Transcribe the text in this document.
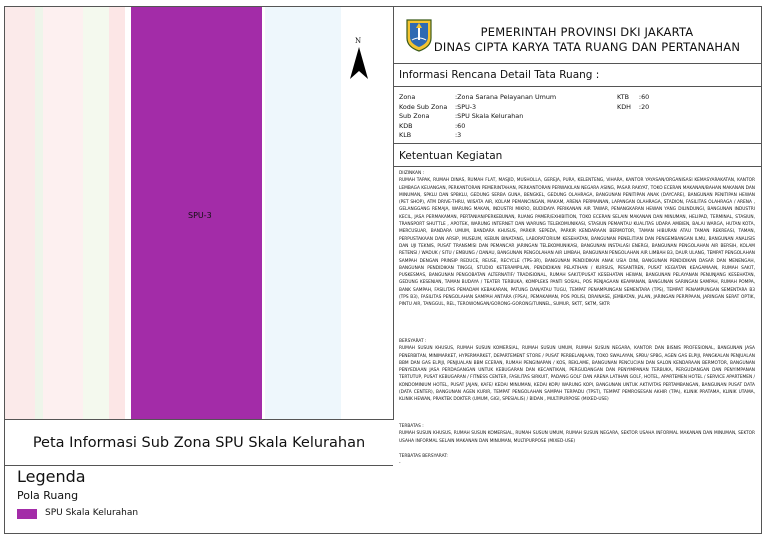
N
SPU-3
Peta Informasi Sub Zona SPU Skala Kelurahan
Legenda
Pola Ruang
SPU Skala Kelurahan
PEMERINTAH PROVINSI DKI JAKARTA
DINAS CIPTA KARYA TATA RUANG DAN PERTANAHAN
Informasi Rencana Detail Tata Ruang :
Zona	:Zona Sarana Pelayanan Umum
Kode Sub Zona	:SPU-3
Sub Zona	:SPU Skala Kelurahan
KDB	:60
KLB	:3
KTB	:60
KDH	:20
Ketentuan Kegiatan
DIIZINKAN :
RUMAH TAPAK, RUMAH DINAS, RUMAH FLAT, MASJID, MUSHOLLA, GEREJA, PURA, KELENTENG, VIHARA, KANTOR YAYASAN/ORGANISASI KEMASYARAKATAN, KANTOR LEMBAGA KEUANGAN, PERKANTORAN PEMERINTAHAN, PERKANTORAN PERWAKILAN NEGARA ASING, PASAR RAKYAT, TOKO ECERAN MAKANAN/BAHAN MAKANAN DAN MINUMAN, SPKLU DAN SPBKLU, GEDUNG SERBA GUNA, BENGKEL, GEDUNG OLAHRAGA, BANGUNAN PENITIPAN ANAK (DAYCARE), BANGUNAN PENITIPAN HEWAN (PET SHOP), ATM DRIVE-THRU, WISATA AIR, KOLAM PEMANCINGAN, MAKAM, ARENA PERMAINAN, LAPANGAN OLAHRAGA, STADION, FASILITAS OLAHRAGA / ARENA , GELANGGANG REMAJA, WARUNG MAKAN, INDUSTRI MIKRO, BUDIDAYA PERIKANAN AIR TAWAR, PENANGKARAN HEWAN YANG DILINDUNGI, BANGUNAN INDUSTRI KECIL, JASA PERMAKAMAN, PERTANIAN/PERKEBUNAN, RUANG PAMER/EXHIBITION, TOKO ECERAN SELAIN MAKANAN DAN MINUMAN, HELIPAD, TERMINAL, STASIUN, TRANSPORT SHUTTLE , APOTEK, WARUNG INTERNET DAN WARUNG TELEKOMUNIKASI, STASIUN PEMANTAU KUALITAS UDARA AMBIEN, BALAI WARGA, HUTAN KOTA, MERCUSUAR, BANDARA UMUM, BANDARA KHUSUS, PARKIR SEPEDA, PARKIR KENDARAAN BERMOTOR, TAMAN HIBURAN ATAU TAMAN REKREASI, TAMAN, PERPUSTAKAAN DAN ARSIP, MUSEUM, KEBUN BINATANG, LABORATORIUM KESEHATAN, BANGUNAN PENELITIAN DAN PENGEMBANGAN ILMU, BANGUNAN ANALISIS DAN UJI TEKNIS, PUSAT TRANSMISI DAN PEMANCAR JARINGAN TELEKOMUNIKASI, BANGUNAN INSTALASI ENERGI, BANGUNAN PENGOLAHAN AIR BERSIH, KOLAM RETENSI / WADUK / SITU / EMBUNG / DANAU, BANGUNAN PENGOLAHAN AIR LIMBAH, BANGUNAN PENGOLAHAN AIR LIMBAH B3, DAUR ULANG, TEMPAT PENGOLAHAN SAMPAH DENGAN PRINSIP REDUCE, REUSE, RECYCLE (TPS-3R), BANGUNAN PENDIDIKAN ANAK USIA DINI, BANGUNAN PENDIDIKAN DASAR DAN MENENGAH, BANGUNAN PENDIDIKAN TINGGI, STUDIO KETERAMPILAN, PENDIDIKAN PELATIHAN / KURSUS, PESANTREN, PUSAT KEGIATAN KEAGAMAAN, RUMAH SAKIT, PUSKESMAS, BANGUNAN PENGOBATAN ALTERNATIF/ TRADISIONAL, RUMAH SAKIT/PUSAT KESEHATAN HEWAN, BANGUNAN PELAYANAN PENUNJANG KESEHATAN, GEDUNG KESENIAN, TAMAN BUDAYA / TEATER TERBUKA, KOMPLEKS PANTI SOSIAL, POS PENJAGAAN KEAMANAN, BANGUNAN SARINGAN SAMPAH, RUMAH POMPA, BANK SAMPAH, FASILITAS PEMADAM KEBAKARAN, PATUNG DAN/ATAU TUGU, TEMPAT PENAMPUNGAN SEMENTARA (TPS), TEMPAT PENAMPUNGAN SEMENTARA B3 (TPS B3), FASILITAS PENGOLAHAN SAMPAH ANTARA (FPSA), PEMAKAMAN, POS POLISI, DRAINASE, JEMBATAN, JALAN, JARINGAN PERPIPAAN, JARINGAN SERAT OPTIK, PINTU AIR, TANGGUL, REL, TEROWONGAN/GORONG-GORONG/TUNNEL, SUMUR, SKTT, SKTM, SKTR
BERSYARAT :
RUMAH SUSUN KHUSUS, RUMAH SUSUN KOMERSIAL, RUMAH SUSUN UMUM, RUMAH SUSUN NEGARA, KANTOR DAN BISNIS PROFESIONAL, BANGUNAN JASA PENERBITAN, MINIMARKET, HYPERMARKET, DEPARTEMENT STORE / PUSAT PERBELANJAAN, TOKO SWALAYAN, SPBU/ SPBG, AGEN GAS ELPIJI, PANGKALAN PENJUALAN BBM DAN GAS ELPIJI, PENJUALAN BBM ECERAN, RUMAH PENGINAPAN / KOS, REKLAME, BANGUNAN PENCUCIAN DAN SALON KENDARAAN BERMOTOR, BANGUNAN PENYEDIAAN JASA PERDAGANGAN UNTUK KEBUGARAN DAN KECANTIKAN, PERGUDANGAN DAN PENYIMPANAN TERBUKA, PERGUDANGAN DAN PENYIMPANAN TERTUTUP, PUSAT KEBUGARAN / FITNESS CENTER, FASILITAS SIRKUIT, PADANG GOLF DAN ARENA LATIHAN GOLF, HOTEL, APARTEMEN HOTEL / SERVICE APARTEMEN / KONDOMINIUM HOTEL, PUSAT JAJAN, KAFE/ KEDAI MINUMAN, KEDAI KOPI/ WARUNG KOPI, BANGUNAN UNTUK AKTIVITAS PERTAMBANGAN, BANGUNAN PUSAT DATA (DATA CENTER), BANGUNAN AGEN KURIR, TEMPAT PENGOLAHAN SAMPAH TERPADU (TPST), TEMPAT PEMROSESAN AKHIR (TPA), KLINIK PRATAMA, KLINIK UTAMA, KLINIK HEWAN, PRAKTEK DOKTER (UMUM, GIGI, SPESIALIS) / BIDAN , MULTIPURPOSE (MIXED-USE)
TERBATAS :
RUMAH SUSUN KHUSUS, RUMAH SUSUN KOMERSIAL, RUMAH SUSUN UMUM, RUMAH SUSUN NEGARA, SEKTOR USAHA INFORMAL MAKANAN DAN MINUMAN, SEKTOR USAHA INFORMAL SELAIN MAKANAN DAN MINUMAN, MULTIPURPOSE (MIXED-USE)
TERBATAS BERSYARAT:
-
